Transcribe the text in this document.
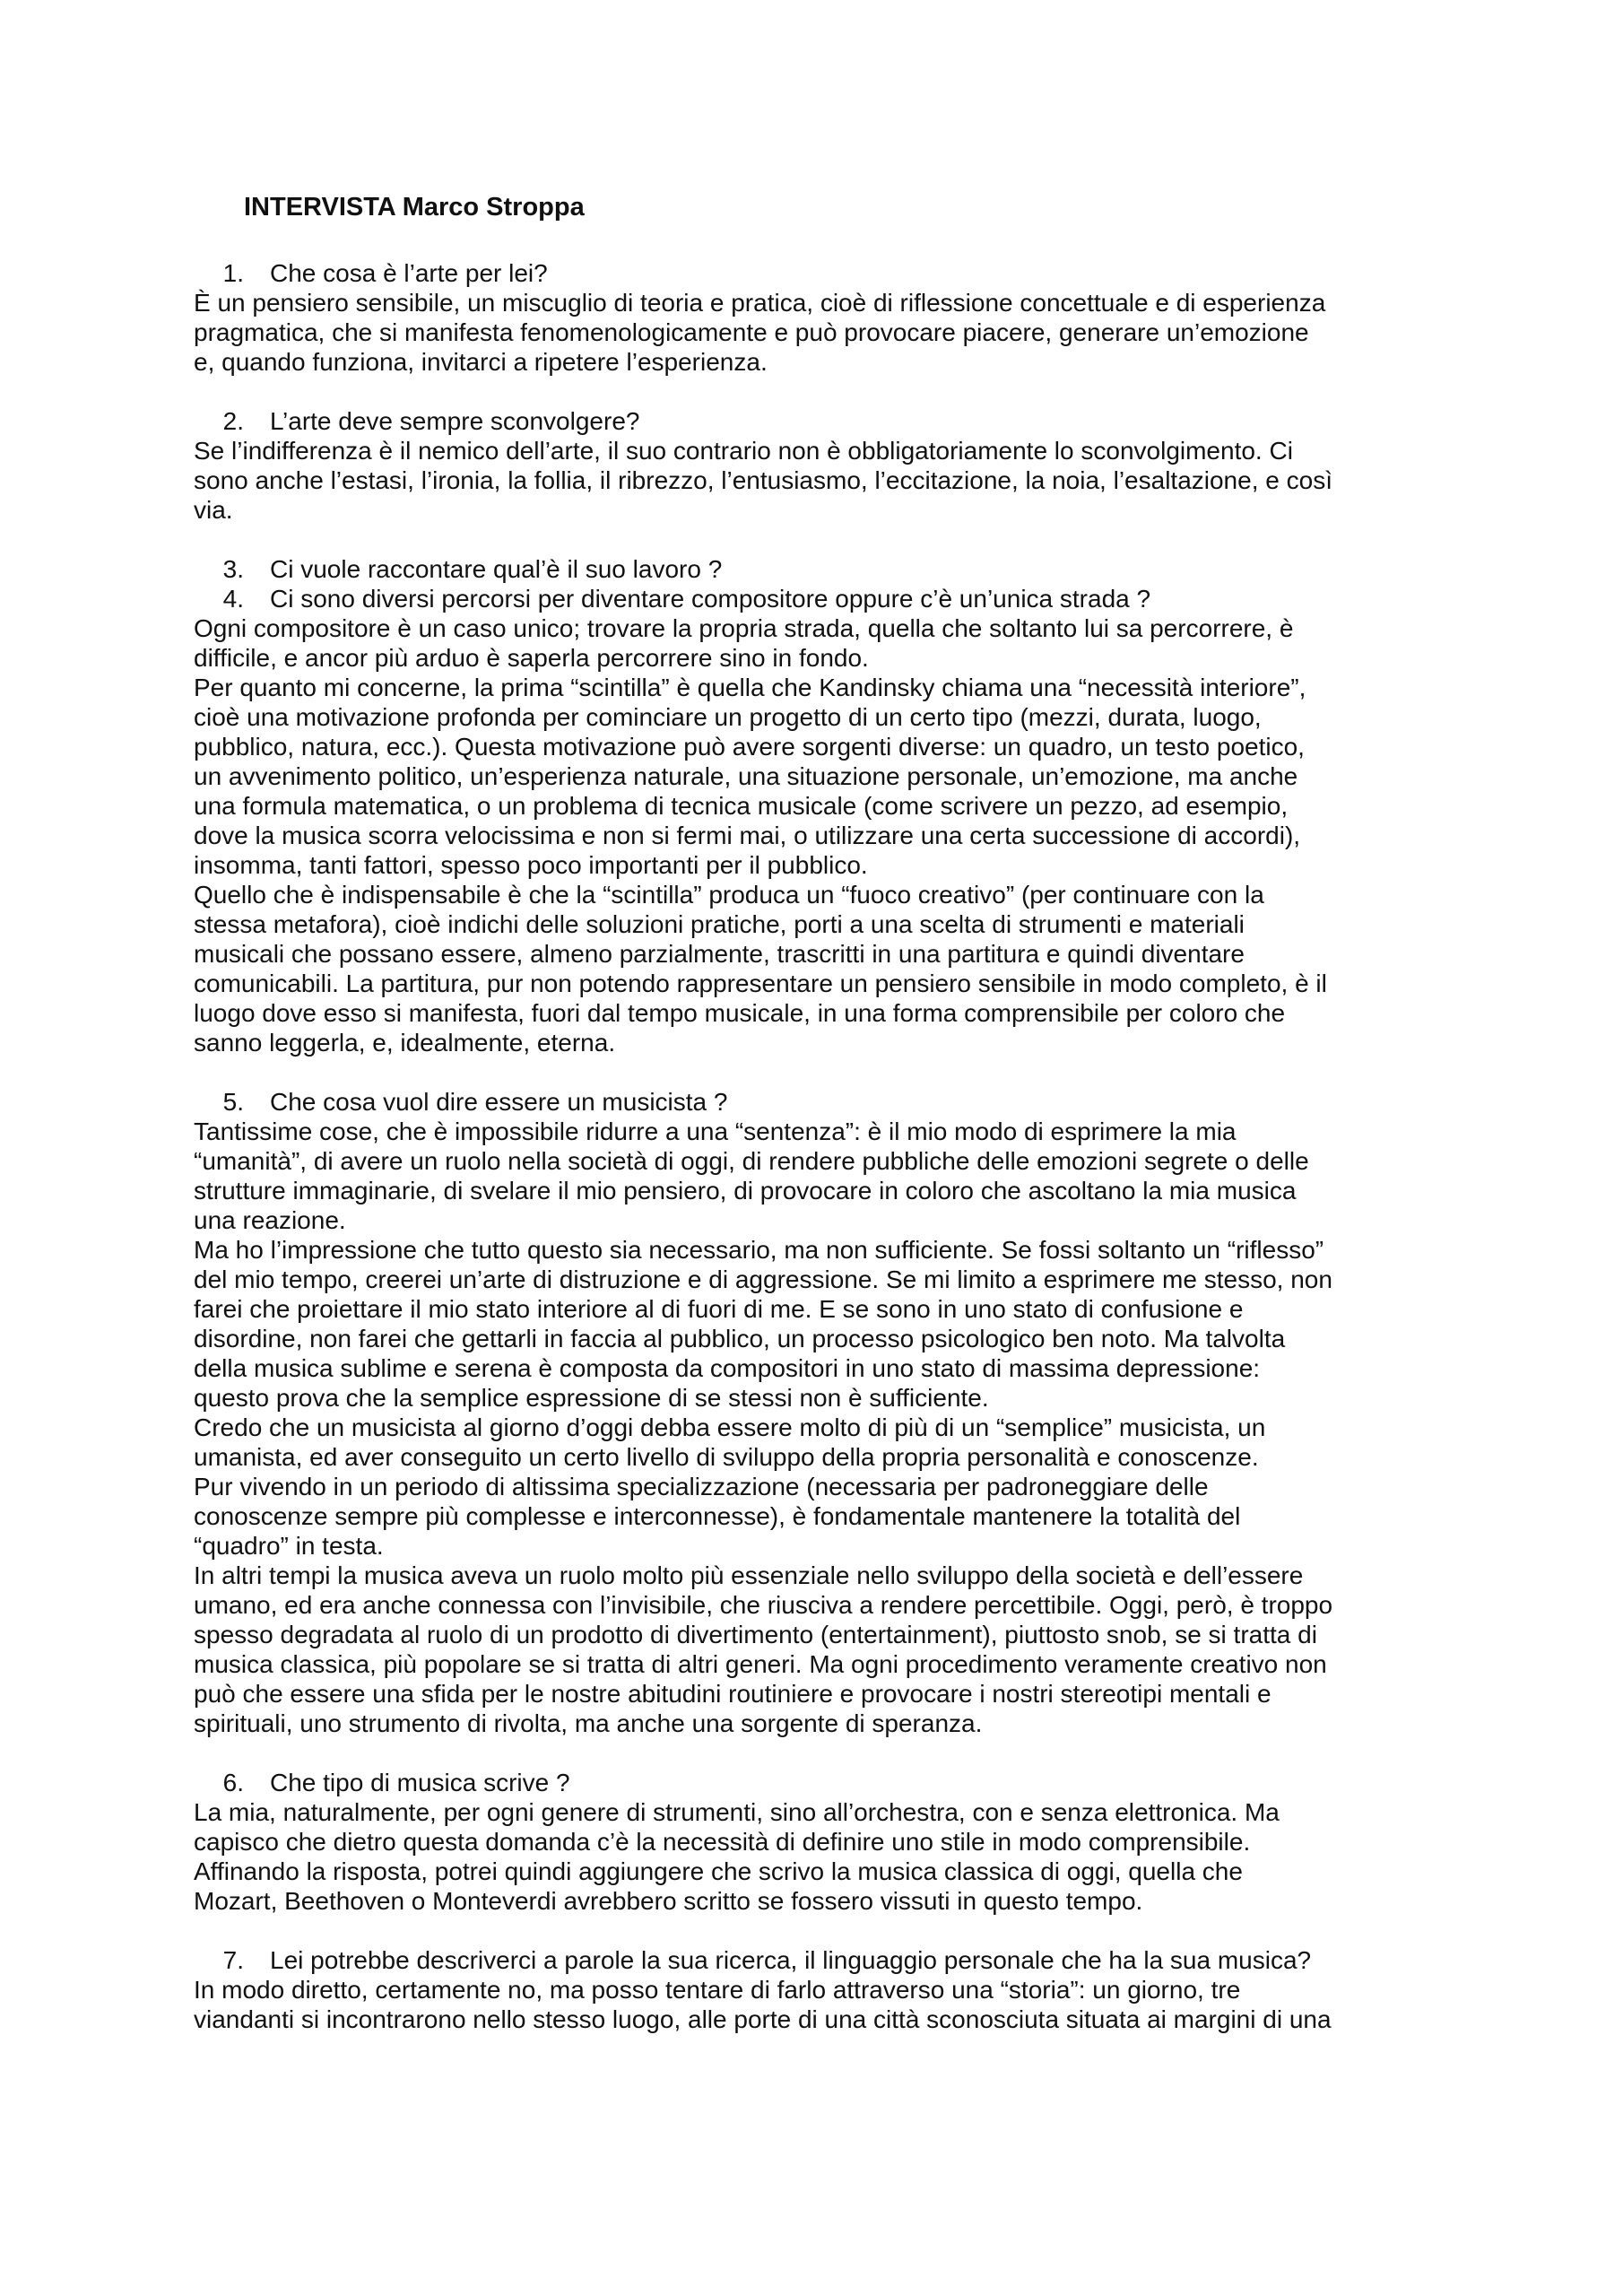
INTERVISTA Marco Stroppa
1. Che cosa è l’arte per lei?
È un pensiero sensibile, un miscuglio di teoria e pratica, cioè di riflessione concettuale e di esperienza
pragmatica, che si manifesta fenomenologicamente e può provocare piacere, generare un’emozione
e, quando funziona, invitarci a ripetere l’esperienza.
2. L’arte deve sempre sconvolgere?
Se l’indifferenza è il nemico dell’arte, il suo contrario non è obbligatoriamente lo sconvolgimento. Ci
sono anche l’estasi, l’ironia, la follia, il ribrezzo, l’entusiasmo, l’eccitazione, la noia, l’esaltazione, e così
via.
3. Ci vuole raccontare qual’è il suo lavoro ?
4. Ci sono diversi percorsi per diventare compositore oppure c’è un’unica strada ?
Ogni compositore è un caso unico; trovare la propria strada, quella che soltanto lui sa percorrere, è
difficile, e ancor più arduo è saperla percorrere sino in fondo.
Per quanto mi concerne, la prima “scintilla” è quella che Kandinsky chiama una “necessità interiore”,
cioè una motivazione profonda per cominciare un progetto di un certo tipo (mezzi, durata, luogo,
pubblico, natura, ecc.). Questa motivazione può avere sorgenti diverse: un quadro, un testo poetico,
un avvenimento politico, un’esperienza naturale, una situazione personale, un’emozione, ma anche
una formula matematica, o un problema di tecnica musicale (come scrivere un pezzo, ad esempio,
dove la musica scorra velocissima e non si fermi mai, o utilizzare una certa successione di accordi),
insomma, tanti fattori, spesso poco importanti per il pubblico.
Quello che è indispensabile è che la “scintilla” produca un “fuoco creativo” (per continuare con la
stessa metafora), cioè indichi delle soluzioni pratiche, porti a una scelta di strumenti e materiali
musicali che possano essere, almeno parzialmente, trascritti in una partitura e quindi diventare
comunicabili. La partitura, pur non potendo rappresentare un pensiero sensibile in modo completo, è il
luogo dove esso si manifesta, fuori dal tempo musicale, in una forma comprensibile per coloro che
sanno leggerla, e, idealmente, eterna.
5. Che cosa vuol dire essere un musicista ?
Tantissime cose, che è impossibile ridurre a una “sentenza”: è il mio modo di esprimere la mia
“umanità”, di avere un ruolo nella società di oggi, di rendere pubbliche delle emozioni segrete o delle
strutture immaginarie, di svelare il mio pensiero, di provocare in coloro che ascoltano la mia musica
una reazione.
Ma ho l’impressione che tutto questo sia necessario, ma non sufficiente. Se fossi soltanto un “riflesso”
del mio tempo, creerei un’arte di distruzione e di aggressione. Se mi limito a esprimere me stesso, non
farei che proiettare il mio stato interiore al di fuori di me. E se sono in uno stato di confusione e
disordine, non farei che gettarli in faccia al pubblico, un processo psicologico ben noto. Ma talvolta
della musica sublime e serena è composta da compositori in uno stato di massima depressione:
questo prova che la semplice espressione di se stessi non è sufficiente.
Credo che un musicista al giorno d’oggi debba essere molto di più di un “semplice” musicista, un
umanista, ed aver conseguito un certo livello di sviluppo della propria personalità e conoscenze.
Pur vivendo in un periodo di altissima specializzazione (necessaria per padroneggiare delle
conoscenze sempre più complesse e interconnesse), è fondamentale mantenere la totalità del
“quadro” in testa.
In altri tempi la musica aveva un ruolo molto più essenziale nello sviluppo della società e dell’essere
umano, ed era anche connessa con l’invisibile, che riusciva a rendere percettibile. Oggi, però, è troppo
spesso degradata al ruolo di un prodotto di divertimento (entertainment), piuttosto snob, se si tratta di
musica classica, più popolare se si tratta di altri generi. Ma ogni procedimento veramente creativo non
può che essere una sfida per le nostre abitudini routiniere e provocare i nostri stereotipi mentali e
spirituali, uno strumento di rivolta, ma anche una sorgente di speranza.
6. Che tipo di musica scrive ?
La mia, naturalmente, per ogni genere di strumenti, sino all’orchestra, con e senza elettronica. Ma
capisco che dietro questa domanda c’è la necessità di definire uno stile in modo comprensibile.
Affinando la risposta, potrei quindi aggiungere che scrivo la musica classica di oggi, quella che
Mozart, Beethoven o Monteverdi avrebbero scritto se fossero vissuti in questo tempo.
7. Lei potrebbe descriverci a parole la sua ricerca, il linguaggio personale che ha la sua musica?
In modo diretto, certamente no, ma posso tentare di farlo attraverso una “storia”: un giorno, tre
viandanti si incontrarono nello stesso luogo, alle porte di una città sconosciuta situata ai margini di una
